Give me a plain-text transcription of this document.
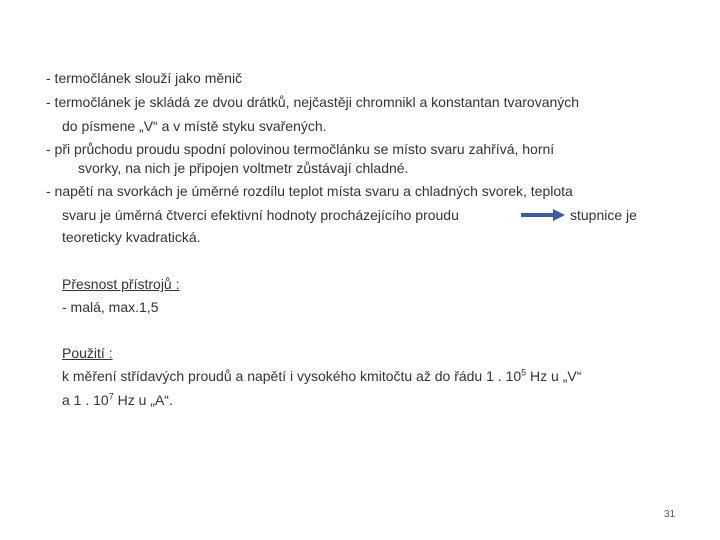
- termočlánek slouží jako měnič
- termočlánek je skládá ze dvou drátků, nejčastěji chromnikl a konstantan tvarovaných
do písmene „V“ a v místě styku svařených.
- při průchodu proudu spodní polovinou termočlánku se místo svaru zahřívá, horní
svorky, na nich je připojen voltmetr zůstávají chladné.
- napětí na svorkách je úměrné rozdílu teplot místa svaru a chladných svorek, teplota
svaru je úměrná čtverci efektivní hodnoty procházejícího proudu	stupnice je
teoreticky kvadratická.
Přesnost přístrojů :
- malá, max.1,5
Použití :
k měření střídavých proudů a napětí i vysokého kmitočtu až do řádu 1 . $10^5$ Hz u „V“
a 1 . $10^7$ Hz u „A“.
31
